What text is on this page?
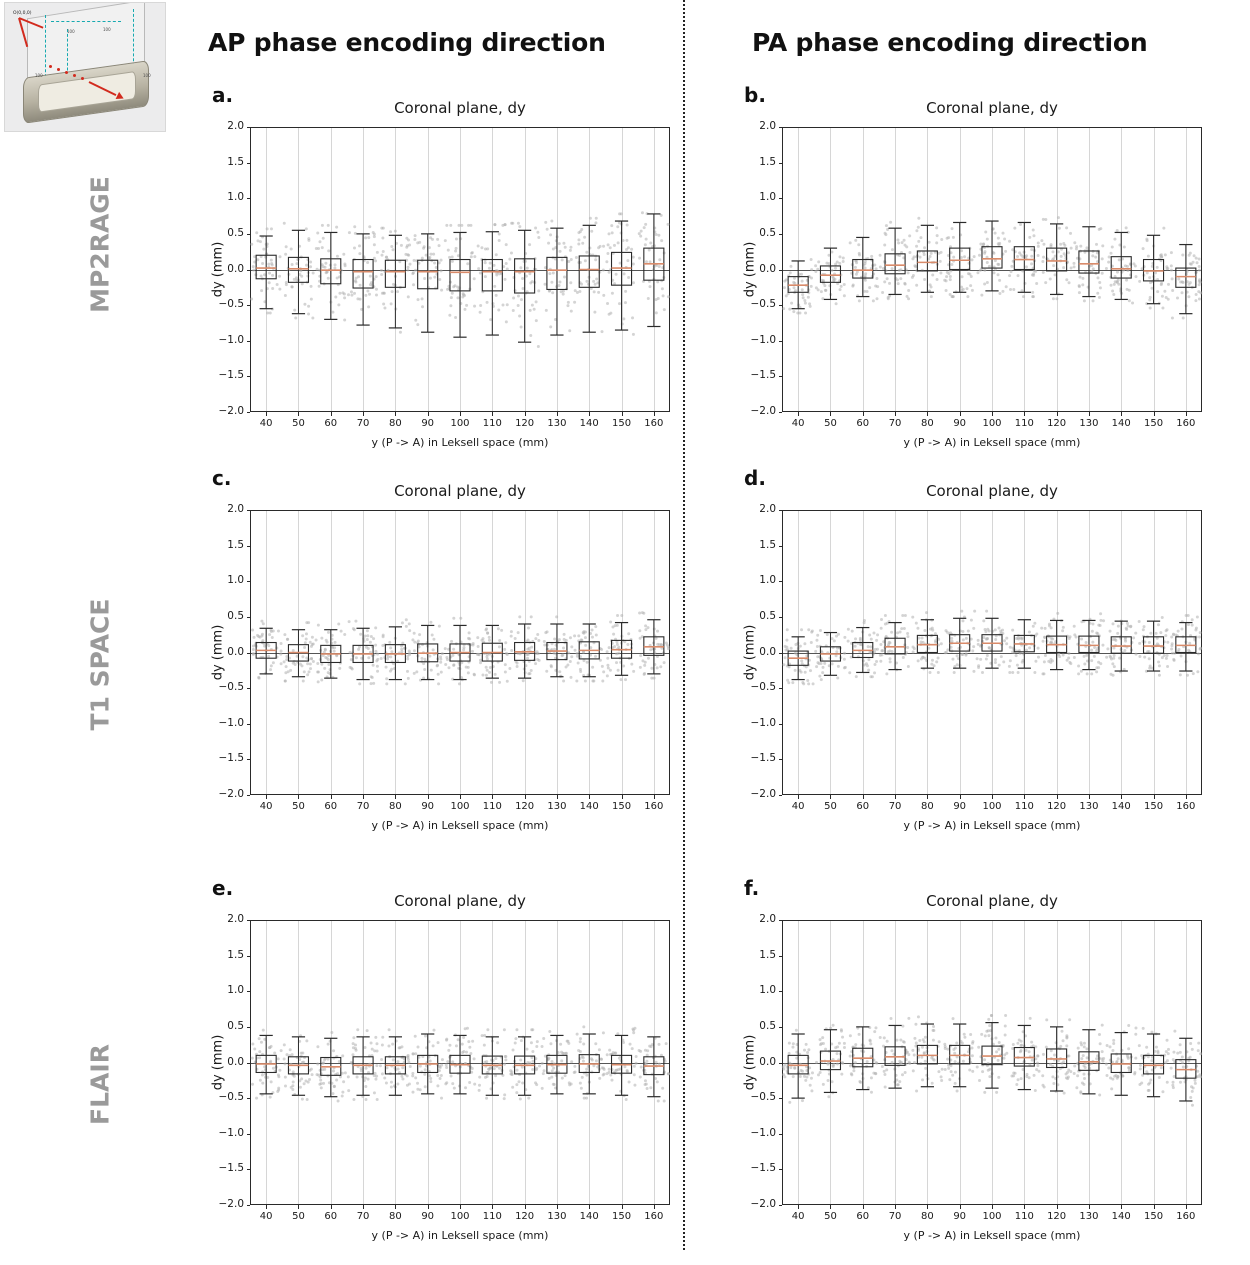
O(0,0,0)
100	100
100	100	AP phase encoding direction	PA phase encoding direction
MP2RAGE
T1 SPACE
FLAIR
a.
Coronal plane, dy
−2.0
−1.5
−1.0
−0.5
0.0
0.5
1.0
1.5
2.0
dy (mm)
40	50	60	70	80	90	100	110	120	130	140	150	160
y (P -> A) in Leksell space (mm)
b.
Coronal plane, dy
−2.0
−1.5
−1.0
−0.5
0.0
0.5
1.0
1.5
2.0
dy (mm)
40	50	60	70	80	90	100	110	120	130	140	150	160
y (P -> A) in Leksell space (mm)
c.
Coronal plane, dy
−2.0
−1.5
−1.0
−0.5
0.0
0.5
1.0
1.5
2.0
dy (mm)
40	50	60	70	80	90	100	110	120	130	140	150	160
y (P -> A) in Leksell space (mm)
d.
Coronal plane, dy
−2.0
−1.5
−1.0
−0.5
0.0
0.5
1.0
1.5
2.0
dy (mm)
40	50	60	70	80	90	100	110	120	130	140	150	160
y (P -> A) in Leksell space (mm)
e.
Coronal plane, dy
−2.0
−1.5
−1.0
−0.5
0.0
0.5
1.0
1.5
2.0
dy (mm)
40	50	60	70	80	90	100	110	120	130	140	150	160
y (P -> A) in Leksell space (mm)
f.
Coronal plane, dy
−2.0
−1.5
−1.0
−0.5
0.0
0.5
1.0
1.5
2.0
dy (mm)
40	50	60	70	80	90	100	110	120	130	140	150	160
y (P -> A) in Leksell space (mm)
